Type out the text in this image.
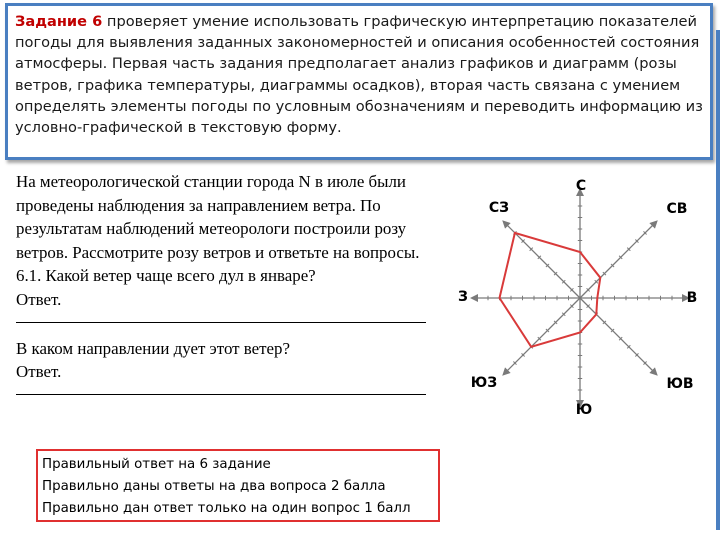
Задание 6 проверяет умение использовать графическую интерпретацию показателей погоды для выявления заданных закономерностей и описания особенностей состояния атмосферы. Первая часть задания предполагает анализ графиков и диаграмм (розы ветров, графика температуры, диаграммы осадков), вторая часть связана с умением определять элементы погоды по условным обозначениям и переводить информацию из условно-графической в текстовую форму.

На метеорологической станции города N в июле были проведены наблюдения за направлением ветра. По результатам наблюдений метеорологи построили розу ветров. Рассмотрите розу ветров и ответьте на вопросы.

6.1. Какой ветер чаще всего дул в январе?

Ответ.

В каком направлении дует этот ветер?

Ответ.

Правильный ответ на 6 задание
Правильно даны ответы на два вопроса 2 балла
Правильно дан ответ только на один вопрос 1 балл
С
СВ
В
ЮВ
Ю
ЮЗ
З
СЗ
